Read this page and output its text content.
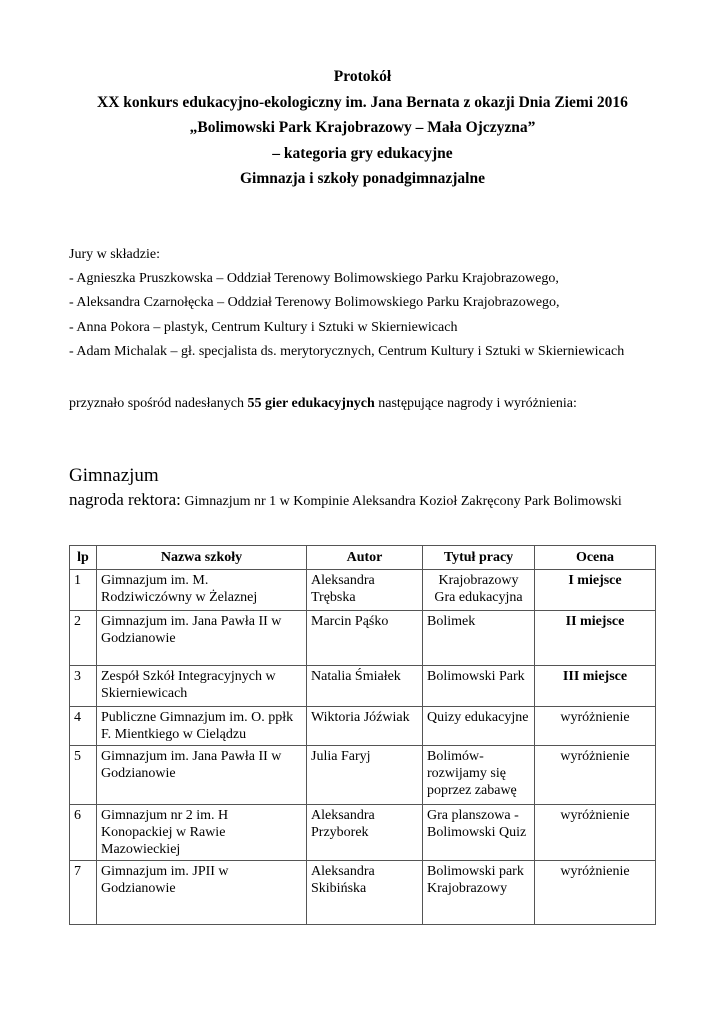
Protokół
XX konkurs edukacyjno-ekologiczny im. Jana Bernata z okazji Dnia Ziemi 2016
„Bolimowski Park Krajobrazowy – Mała Ojczyzna”
– kategoria gry edukacyjne
Gimnazja i szkoły ponadgimnazjalne
Jury w składzie:
- Agnieszka Pruszkowska – Oddział Terenowy Bolimowskiego Parku Krajobrazowego,
- Aleksandra Czarnołęcka – Oddział Terenowy Bolimowskiego Parku Krajobrazowego,
- Anna Pokora – plastyk, Centrum Kultury i Sztuki w Skierniewicach
- Adam Michalak – gł. specjalista ds. merytorycznych, Centrum Kultury i Sztuki w Skierniewicach
przyznało spośród nadesłanych 55 gier edukacyjnych następujące nagrody i wyróżnienia:
Gimnazjum
nagroda rektora: Gimnazjum nr 1 w Kompinie Aleksandra Kozioł Zakręcony Park Bolimowski
lp	Nazwa szkoły	Autor	Tytuł pracy	Ocena
1	Gimnazjum im. M. Rodziwiczówny w Żelaznej	Aleksandra Trębska	Krajobrazowy Gra edukacyjna	I miejsce
2	Gimnazjum im. Jana Pawła II w Godzianowie	Marcin Pąśko	Bolimek	II miejsce
3	Zespół Szkół Integracyjnych w Skierniewicach	Natalia Śmiałek	Bolimowski Park	III miejsce
4	Publiczne Gimnazjum im. O. ppłk F. Mientkiego w Cielądzu	Wiktoria Jóźwiak	Quizy edukacyjne	wyróżnienie
5	Gimnazjum im. Jana Pawła II w Godzianowie	Julia Faryj	Bolimów-rozwijamy się poprzez zabawę	wyróżnienie
6	Gimnazjum nr 2 im. H Konopackiej w Rawie Mazowieckiej	Aleksandra Przyborek	Gra planszowa - Bolimowski Quiz	wyróżnienie
7	Gimnazjum im. JPII w Godzianowie	Aleksandra Skibińska	Bolimowski park Krajobrazowy	wyróżnienie
